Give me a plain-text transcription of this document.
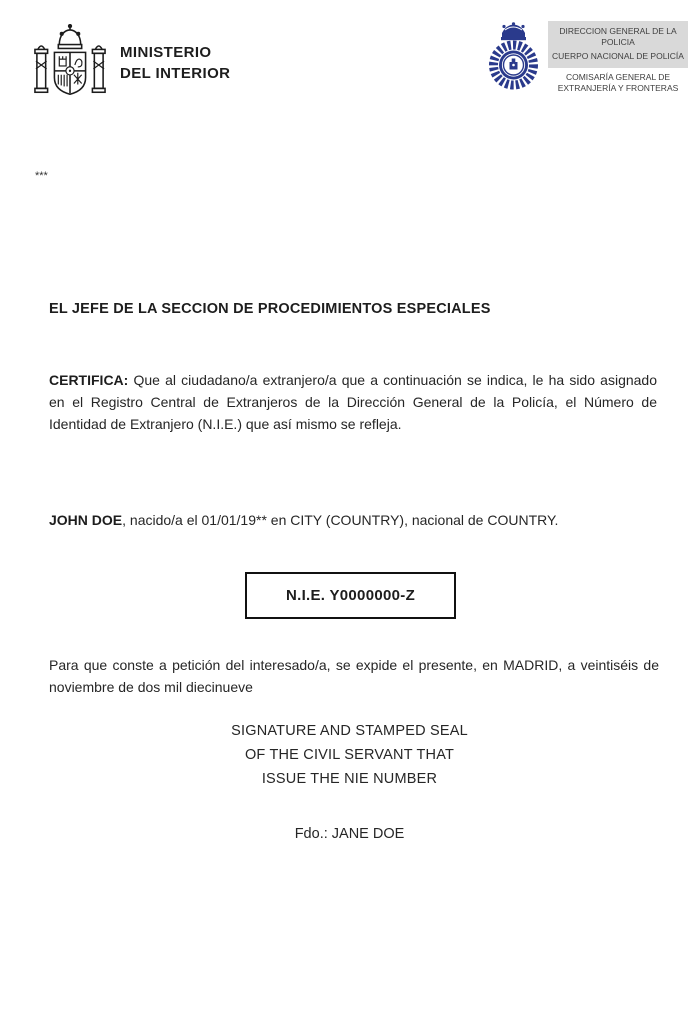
MINISTERIO
DEL INTERIOR
DIRECCION GENERAL DE LA POLICIA
CUERPO NACIONAL DE POLICÍA
COMISARÍA GENERAL DE EXTRANJERÍA Y FRONTERAS
***
EL JEFE DE LA SECCION DE PROCEDIMIENTOS ESPECIALES

CERTIFICA: Que al ciudadano/a extranjero/a que a continuación se indica, le ha sido asignado en el Registro Central de Extranjeros de la Dirección General de la Policía, el Número de Identidad de Extranjero (N.I.E.) que así mismo se refleja.

JOHN DOE, nacido/a el 01/01/19** en CITY (COUNTRY), nacional de COUNTRY.

N.I.E. Y0000000-Z

Para que conste a petición del interesado/a, se expide el presente, en MADRID, a veintiséis de noviembre de dos mil diecinueve

SIGNATURE AND STAMPED SEAL
OF THE CIVIL SERVANT THAT
ISSUE THE NIE NUMBER
Fdo.: JANE DOE
